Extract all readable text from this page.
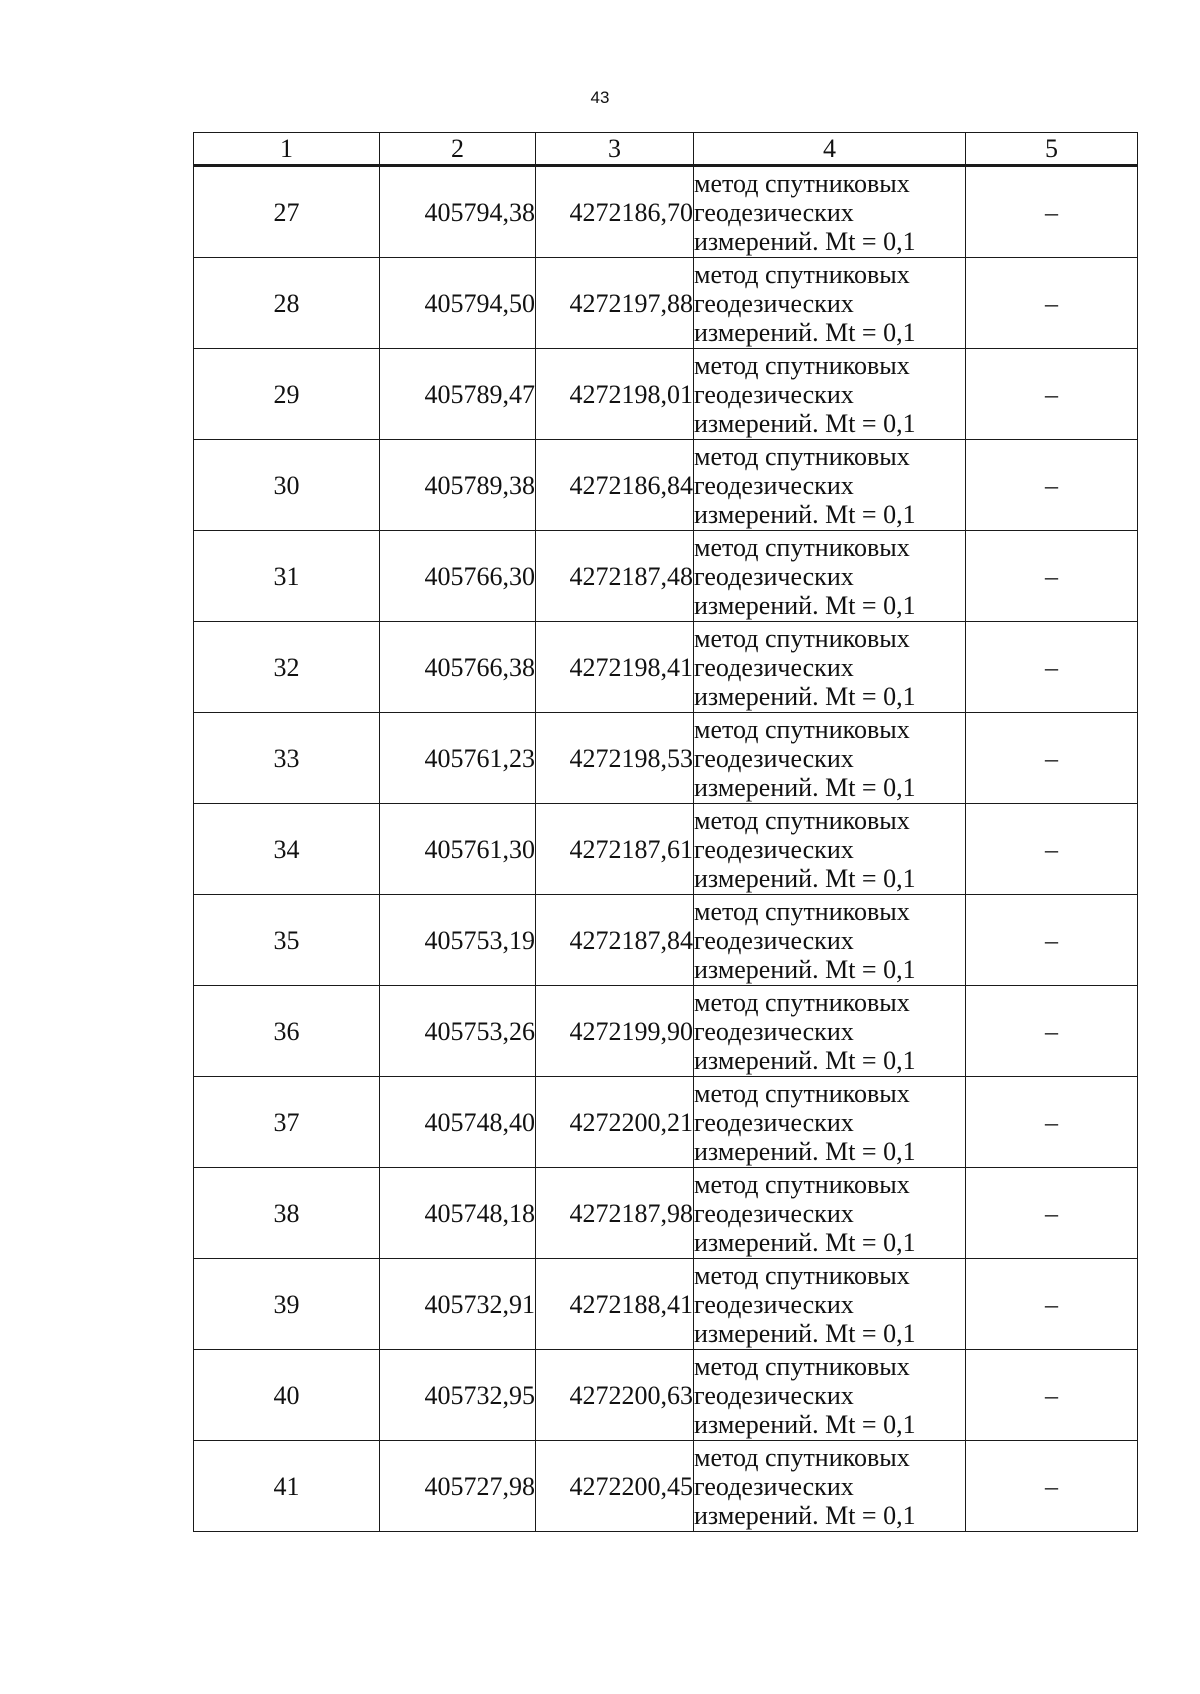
43
1	2	3	4	5
27	405794,38	4272186,70	метод спутниковых
геодезических
измерений. Mt = 0,1	–
28	405794,50	4272197,88	метод спутниковых
геодезических
измерений. Mt = 0,1	–
29	405789,47	4272198,01	метод спутниковых
геодезических
измерений. Mt = 0,1	–
30	405789,38	4272186,84	метод спутниковых
геодезических
измерений. Mt = 0,1	–
31	405766,30	4272187,48	метод спутниковых
геодезических
измерений. Mt = 0,1	–
32	405766,38	4272198,41	метод спутниковых
геодезических
измерений. Mt = 0,1	–
33	405761,23	4272198,53	метод спутниковых
геодезических
измерений. Mt = 0,1	–
34	405761,30	4272187,61	метод спутниковых
геодезических
измерений. Mt = 0,1	–
35	405753,19	4272187,84	метод спутниковых
геодезических
измерений. Mt = 0,1	–
36	405753,26	4272199,90	метод спутниковых
геодезических
измерений. Mt = 0,1	–
37	405748,40	4272200,21	метод спутниковых
геодезических
измерений. Mt = 0,1	–
38	405748,18	4272187,98	метод спутниковых
геодезических
измерений. Mt = 0,1	–
39	405732,91	4272188,41	метод спутниковых
геодезических
измерений. Mt = 0,1	–
40	405732,95	4272200,63	метод спутниковых
геодезических
измерений. Mt = 0,1	–
41	405727,98	4272200,45	метод спутниковых
геодезических
измерений. Mt = 0,1	–
